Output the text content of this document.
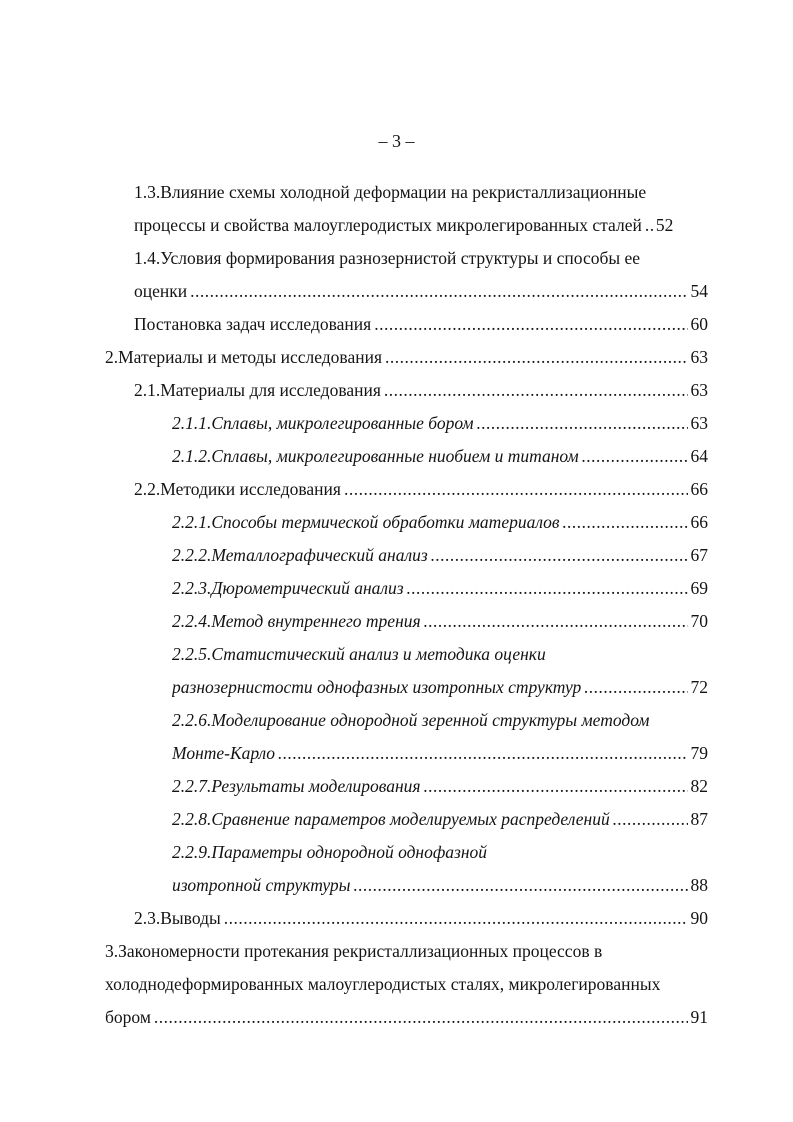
– 3 –
1.3.Влияние схемы холодной деформации на рекристаллизационные
процессы и свойства малоуглеродистых микролегированных сталей ..... 52
1.4.Условия формирования разнозернистой структуры и способы ее
оценки .....	54
Постановка задач исследования .....	60
2.Материалы и методы исследования .....	63
2.1.Материалы для исследования .....	63
2.1.1.Сплавы, микролегированные бором .....	63
2.1.2.Сплавы, микролегированные ниобием и титаном .....	64
2.2.Методики исследования .....	66
2.2.1.Способы термической обработки материалов .....	66
2.2.2.Металлографический анализ .....	67
2.2.3.Дюрометрический анализ .....	69
2.2.4.Метод внутреннего трения .....	70
2.2.5.Статистический анализ и методика оценки
разнозернистости однофазных изотропных структур .....	72
2.2.6.Моделирование однородной зеренной структуры методом
Монте-Карло .....	79
2.2.7.Результаты моделирования .....	82
2.2.8.Сравнение параметров моделируемых распределений .....	87
2.2.9.Параметры однородной однофазной
изотропной структуры .....	88
2.3.Выводы .....	90
3.Закономерности протекания рекристаллизационных процессов в
холоднодеформированных малоуглеродистых сталях, микролегированных
бором .....	91
